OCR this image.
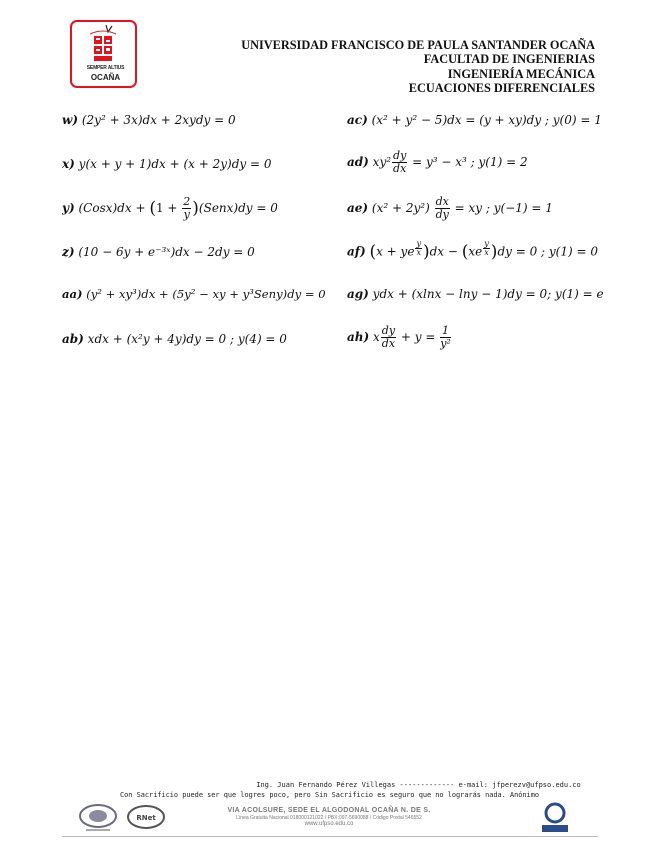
SEMPER ALTIUS
OCAÑA
UNIVERSIDAD FRANCISCO DE PAULA SANTANDER OCAÑA
FACULTAD DE INGENIERIAS
INGENIERÍA MECÁNICA
ECUACIONES DIFERENCIALES
w) (2y² + 3x)dx + 2xydy = 0
x) y(x + y + 1)dx + (x + 2y)dy = 0
y) (Cosx)dx + ($1 + \frac{2}{y}$ )(Senx)dy = 0
z) (10 − 6y + e⁻³ˣ)dx − 2dy = 0
aa) (y² + xy³)dx + (5y² − xy + y³Seny)dy = 0
ab) xdx + (x²y + 4y)dy = 0 ; y(4) = 0
ac) (x² + y² − 5)dx = (y + xy)dy ; y(0) = 1
ad) $xy^2 \frac{dy}{dx} = y^3 - x^3$ ; y(1) = 2
ae) $(x^2 + 2y^2) \frac{dx}{dy}$ = xy ; y(−1) = 1
af) (x + ye $^{\frac{y}{x}}$ )dx − (xe $^{\frac{y}{x}}$ )dy = 0 ; y(1) = 0
ag) ydx + (xlnx − lny − 1)dy = 0; y(1) = e
ah) x $\frac{dy}{dx} + y = \frac{1}{\text{y²}}$
Ing. Juan Fernando Pérez Villegas ------------- e-mail: jfperezv@ufpso.edu.co
Con Sacrificio puede ser que logres poco, pero Sin Sacrificio es seguro que no lograrás nada. Anónimo
RNet
VIA ACOLSURE, SEDE EL ALGODONAL OCAÑA N. DE S.
Línea Gratuita Nacional 018000121022 / PBX:097-5690088 / Código Postal 546552
www.ufpso.edu.co
